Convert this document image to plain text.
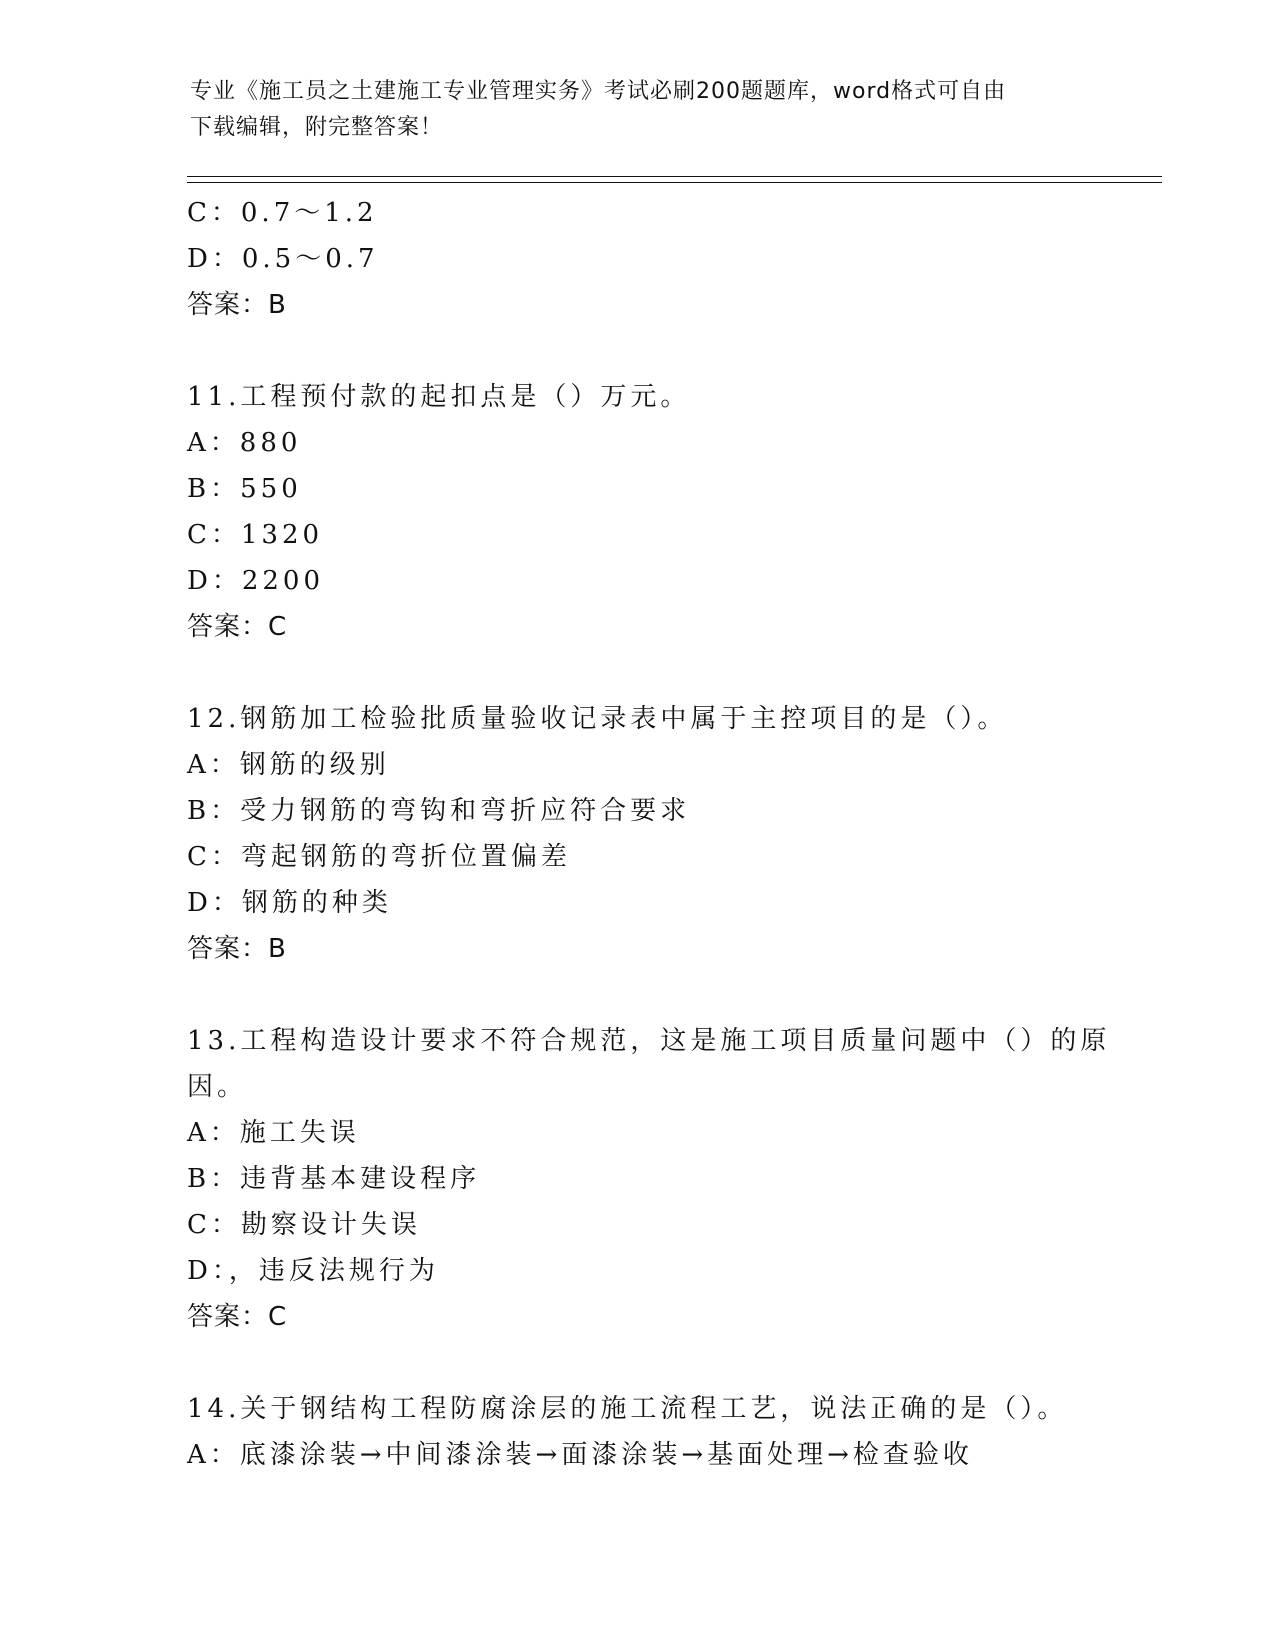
专业《施工员之土建施工专业管理实务》考试必刷200题题库，word格式可自由
下载编辑，附完整答案！
C：0.7～1.2
D：0.5～0.7
答案：B
11.工程预付款的起扣点是（）万元。
A：880
B：550
C：1320
D：2200
答案：C
12.钢筋加工检验批质量验收记录表中属于主控项目的是（）。
A：钢筋的级别
B：受力钢筋的弯钩和弯折应符合要求
C：弯起钢筋的弯折位置偏差
D：钢筋的种类
答案：B
13.工程构造设计要求不符合规范，这是施工项目质量问题中（）的原
因。
A：施工失误
B：违背基本建设程序
C：勘察设计失误
D：，违反法规行为
答案：C
14.关于钢结构工程防腐涂层的施工流程工艺，说法正确的是（）。
A：底漆涂装→中间漆涂装→面漆涂装→基面处理→检查验收
